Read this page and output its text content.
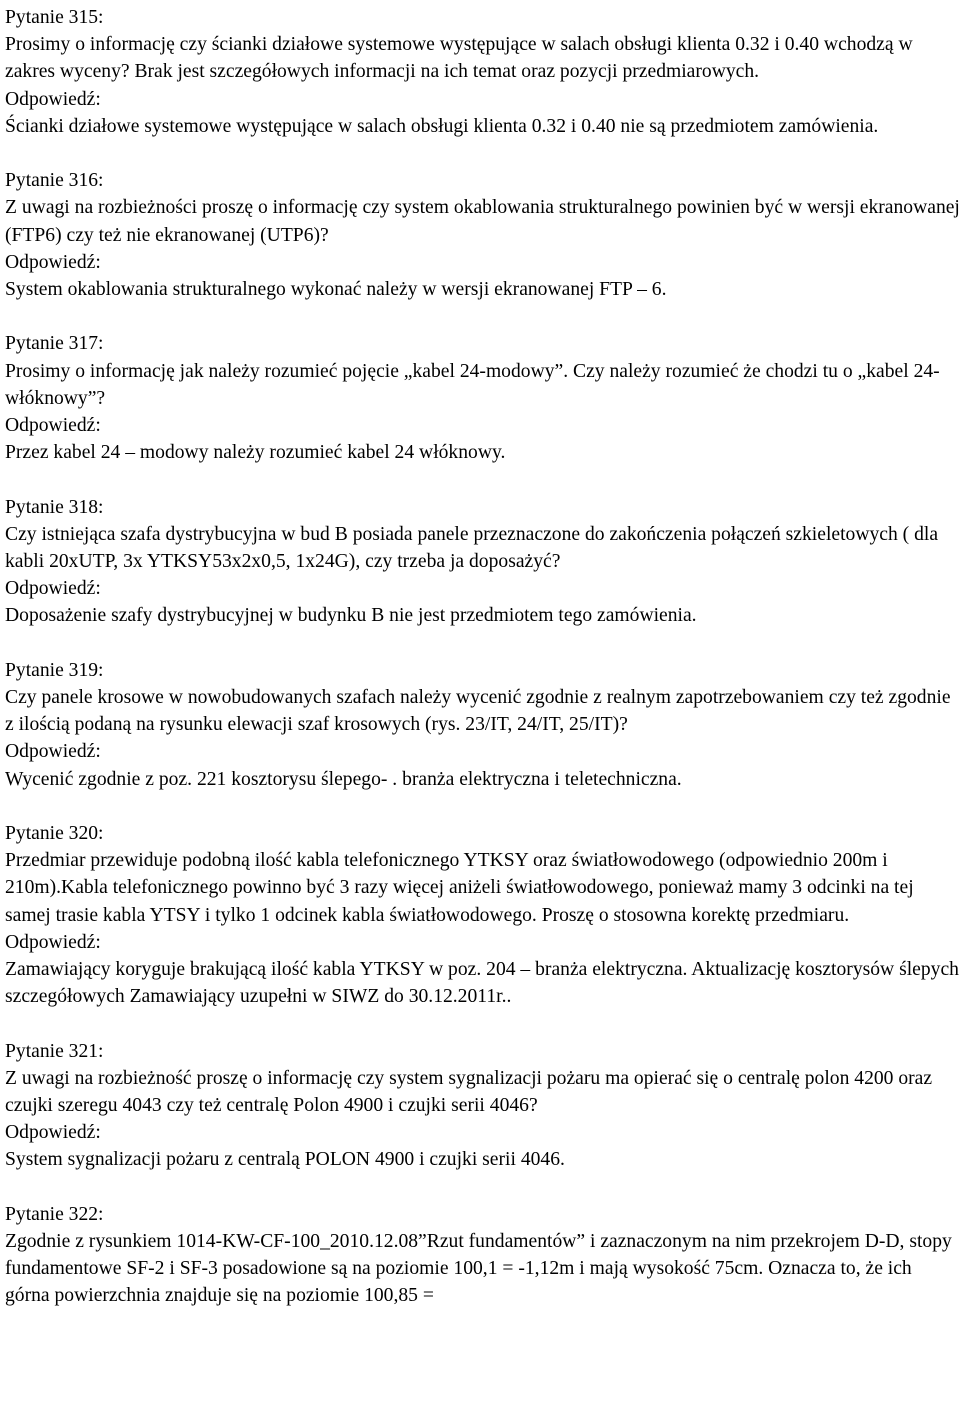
Pytanie 315:

Prosimy o informację czy ścianki działowe systemowe występujące w salach obsługi klienta 0.32 i 0.40 wchodzą w zakres wyceny? Brak jest szczegółowych informacji na ich temat oraz pozycji przedmiarowych.

Odpowiedź:

Ścianki działowe systemowe występujące w salach obsługi klienta 0.32 i 0.40 nie są przedmiotem zamówienia.

Pytanie 316:

Z uwagi na rozbieżności proszę o informację czy system okablowania strukturalnego powinien być w wersji ekranowanej (FTP6) czy też nie ekranowanej (UTP6)?

Odpowiedź:

System okablowania strukturalnego wykonać należy w wersji ekranowanej FTP – 6.

Pytanie 317:

Prosimy o informację jak należy rozumieć pojęcie „kabel 24-modowy”. Czy należy rozumieć że chodzi tu o „kabel 24-włóknowy”?

Odpowiedź:

Przez kabel 24 – modowy należy rozumieć kabel 24 włóknowy.

Pytanie 318:

Czy istniejąca szafa dystrybucyjna w bud B posiada panele przeznaczone do zakończenia połączeń szkieletowych ( dla kabli 20xUTP, 3x YTKSY53x2x0,5, 1x24G), czy trzeba ja doposażyć?

Odpowiedź:

Doposażenie szafy dystrybucyjnej w budynku B nie jest przedmiotem tego zamówienia.

Pytanie 319:

Czy panele krosowe w nowobudowanych szafach należy wycenić zgodnie z realnym zapotrzebowaniem czy też zgodnie z ilością podaną na rysunku elewacji szaf krosowych (rys. 23/IT, 24/IT, 25/IT)?

Odpowiedź:

Wycenić zgodnie z poz. 221 kosztorysu ślepego- . branża elektryczna i teletechniczna.

Pytanie 320:

Przedmiar przewiduje podobną ilość kabla telefonicznego YTKSY oraz światłowodowego (odpowiednio 200m i 210m).Kabla telefonicznego powinno być 3 razy więcej aniżeli światłowodowego, ponieważ mamy 3 odcinki na tej samej trasie kabla YTSY i tylko 1 odcinek kabla światłowodowego. Proszę o stosowna korektę przedmiaru.

Odpowiedź:

Zamawiający koryguje brakującą ilość kabla YTKSY w poz. 204 – branża elektryczna. Aktualizację kosztorysów ślepych szczegółowych Zamawiający uzupełni w SIWZ do 30.12.2011r..

Pytanie 321:

Z uwagi na rozbieżność proszę o informację czy system sygnalizacji pożaru ma opierać się o centralę polon 4200 oraz czujki szeregu 4043 czy też centralę Polon 4900 i czujki serii 4046?

Odpowiedź:

System sygnalizacji pożaru z centralą POLON 4900 i czujki serii 4046.

Pytanie 322:

Zgodnie z rysunkiem 1014-KW-CF-100_2010.12.08”Rzut fundamentów” i zaznaczonym na nim przekrojem D-D, stopy fundamentowe SF-2 i SF-3 posadowione są na poziomie 100,1 = -1,12m i mają wysokość 75cm. Oznacza to, że ich górna powierzchnia znajduje się na poziomie 100,85 =
